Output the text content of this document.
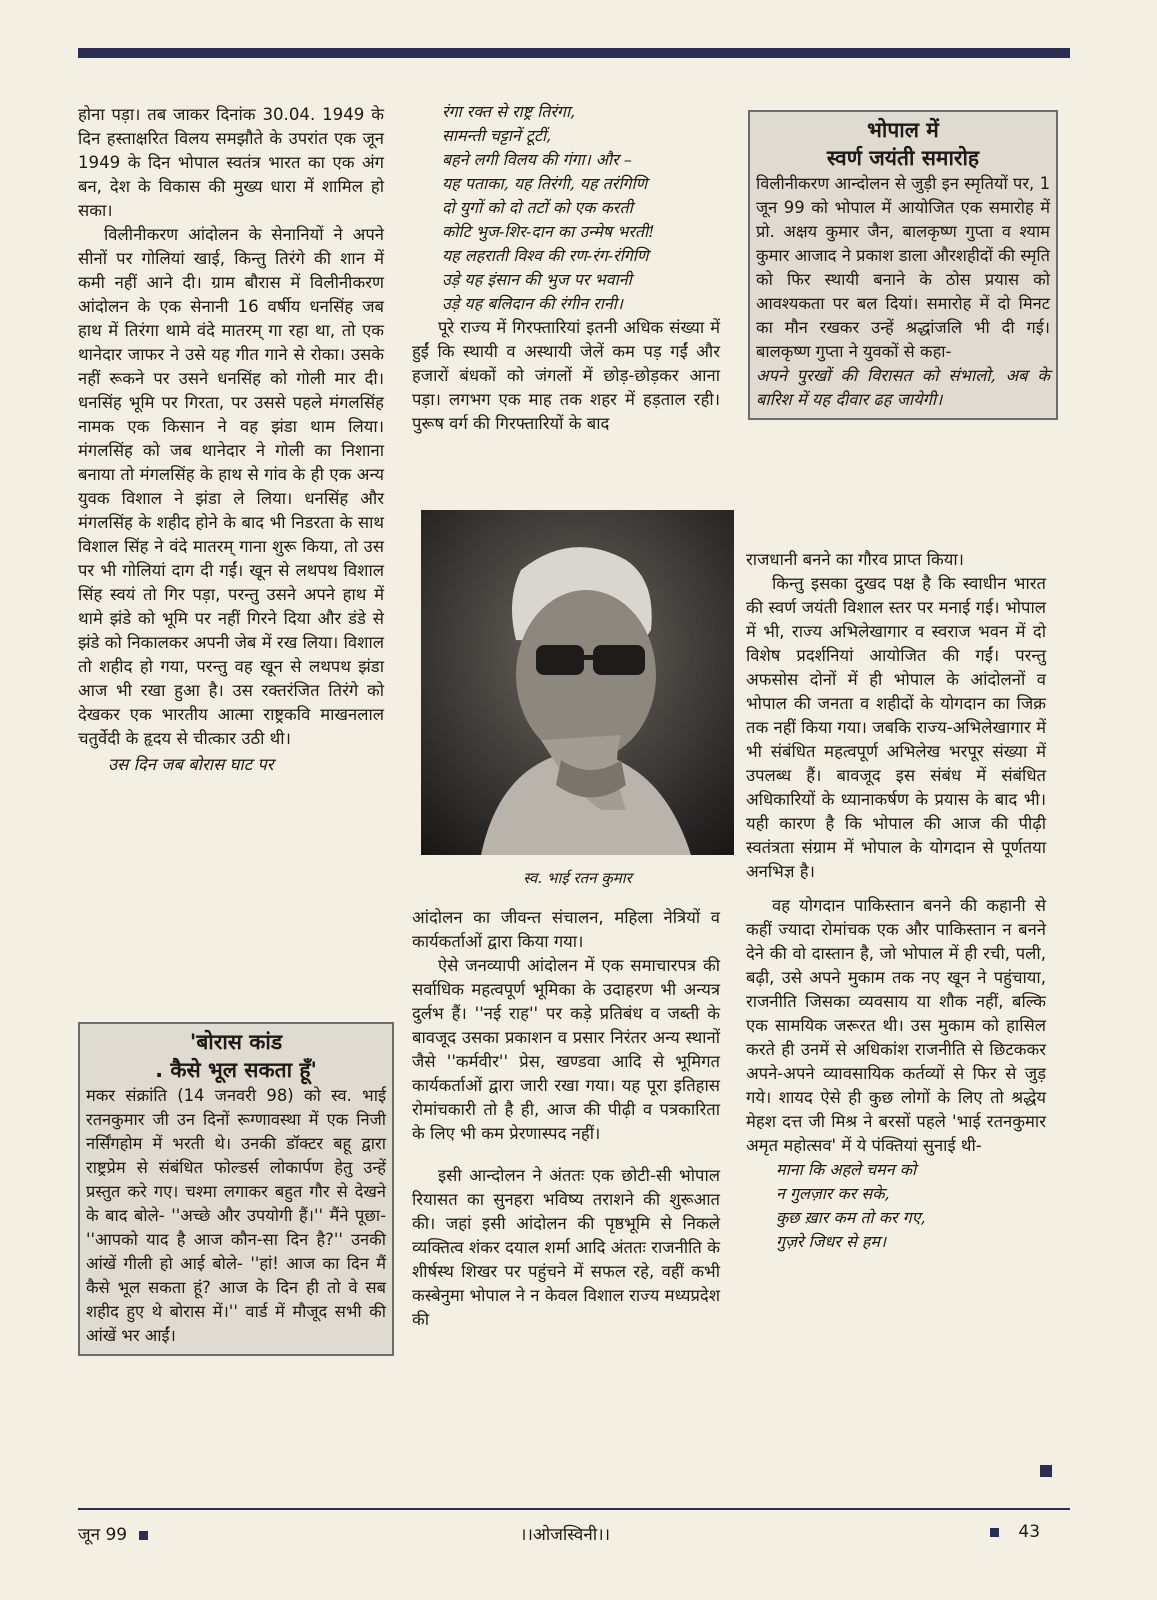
होना पड़ा। तब जाकर दिनांक 30.04. 1949 के दिन हस्ताक्षरित विलय समझौते के उपरांत एक जून 1949 के दिन भोपाल स्वतंत्र भारत का एक अंग बन, देश के विकास की मुख्य धारा में शामिल हो सका।

विलीनीकरण आंदोलन के सेनानियों ने अपने सीनों पर गोलियां खाई, किन्तु तिरंगे की शान में कमी नहीं आने दी। ग्राम बौरास में विलीनीकरण आंदोलन के एक सेनानी 16 वर्षीय धनसिंह जब हाथ में तिरंगा थामे वंदे मातरम् गा रहा था, तो एक थानेदार जाफर ने उसे यह गीत गाने से रोका। उसके नहीं रूकने पर उसने धनसिंह को गोली मार दी। धनसिंह भूमि पर गिरता, पर उससे पहले मंगलसिंह नामक एक किसान ने वह झंडा थाम लिया। मंगलसिंह को जब थानेदार ने गोली का निशाना बनाया तो मंगलसिंह के हाथ से गांव के ही एक अन्य युवक विशाल ने झंडा ले लिया। धनसिंह और मंगलसिंह के शहीद होने के बाद भी निडरता के साथ विशाल सिंह ने वंदे मातरम् गाना शुरू किया, तो उस पर भी गोलियां दाग दी गईं। खून से लथपथ विशाल सिंह स्वयं तो गिर पड़ा, परन्तु उसने अपने हाथ में थामे झंडे को भूमि पर नहीं गिरने दिया और डंडे से झंडे को निकालकर अपनी जेब में रख लिया। विशाल तो शहीद हो गया, परन्तु वह खून से लथपथ झंडा आज भी रखा हुआ है। उस रक्तरंजित तिरंगे को देखकर एक भारतीय आत्मा राष्ट्रकवि माखनलाल चतुर्वेदी के हृदय से चीत्कार उठी थी।

उस दिन जब बोरास घाट पर

'बोरास कांड
. कैसे भूल सकता हूँ'

मकर संक्रांति (14 जनवरी 98) को स्व. भाई रतनकुमार जी उन दिनों रूग्णावस्था में एक निजी नर्सिंगहोम में भरती थे। उनकी डॉक्टर बहू द्वारा राष्ट्रप्रेम से संबंधित फोल्डर्स लोकार्पण हेतु उन्हें प्रस्तुत करे गए। चश्मा लगाकर बहुत गौर से देखने के बाद बोले- ''अच्छे और उपयोगी हैं।'' मैंने पूछा- ''आपको याद है आज कौन-सा दिन है?'' उनकी आंखें गीली हो आई बोले- ''हां! आज का दिन मैं कैसे भूल सकता हूं? आज के दिन ही तो वे सब शहीद हुए थे बोरास में।'' वार्ड में मौजूद सभी की आंखें भर आईं।

रंगा रक्त से राष्ट्र तिरंगा,
सामन्ती चट्टानें टूटीं,
बहने लगी विलय की गंगा। और –
यह पताका, यह तिरंगी, यह तरंगिणि
दो युगों को दो तटों को एक करती
कोटि भुज-शिर-दान का उन्मेष भरती!
यह लहराती विश्व की रण-रंग-रंगिणि
उड़े यह इंसान की भुज पर भवानी
उड़े यह बलिदान की रंगीन रानी।

पूरे राज्य में गिरफ्तारियां इतनी अधिक संख्या में हुईं कि स्थायी व अस्थायी जेलें कम पड़ गईं और हजारों बंधकों को जंगलों में छोड़-छोड़कर आना पड़ा। लगभग एक माह तक शहर में हड़ताल रही। पुरूष वर्ग की गिरफ्तारियों के बाद

स्व. भाई रतन कुमार

आंदोलन का जीवन्त संचालन, महिला नेत्रियों व कार्यकर्ताओं द्वारा किया गया।

ऐसे जनव्यापी आंदोलन में एक समाचारपत्र की सर्वाधिक महत्वपूर्ण भूमिका के उदाहरण भी अन्यत्र दुर्लभ हैं। ''नई राह'' पर कड़े प्रतिबंध व जब्ती के बावजूद उसका प्रकाशन व प्रसार निरंतर अन्य स्थानों जैसे ''कर्मवीर'' प्रेस, खण्डवा आदि से भूमिगत कार्यकर्ताओं द्वारा जारी रखा गया। यह पूरा इतिहास रोमांचकारी तो है ही, आज की पीढ़ी व पत्रकारिता के लिए भी कम प्रेरणास्पद नहीं।

इसी आन्दोलन ने अंततः एक छोटी-सी भोपाल रियासत का सुनहरा भविष्य तराशने की शुरूआत की। जहां इसी आंदोलन की पृष्ठभूमि से निकले व्यक्तित्व शंकर दयाल शर्मा आदि अंततः राजनीति के शीर्षस्थ शिखर पर पहुंचने में सफल रहे, वहीं कभी कस्बेनुमा भोपाल ने न केवल विशाल राज्य मध्यप्रदेश की

भोपाल में
स्वर्ण जयंती समारोह

विलीनीकरण आन्दोलन से जुड़ी इन स्मृतियों पर, 1 जून 99 को भोपाल में आयोजित एक समारोह में प्रो. अक्षय कुमार जैन, बालकृष्ण गुप्ता व श्याम कुमार आजाद ने प्रकाश डाला औरशहीदों की स्मृति को फिर स्थायी बनाने के ठोस प्रयास को आवश्यकता पर बल दियां। समारोह में दो मिनट का मौन रखकर उन्हें श्रद्धांजलि भी दी गई। बालकृष्ण गुप्ता ने युवकों से कहा-

अपने पुरखों की विरासत को संभालो, अब के बारिश में यह दीवार ढह जायेगी।

राजधानी बनने का गौरव प्राप्त किया।

किन्तु इसका दुखद पक्ष है कि स्वाधीन भारत की स्वर्ण जयंती विशाल स्तर पर मनाई गई। भोपाल में भी, राज्य अभिलेखागार व स्वराज भवन में दो विशेष प्रदर्शनियां आयोजित की गईं। परन्तु अफसोस दोनों में ही भोपाल के आंदोलनों व भोपाल की जनता व शहीदों के योगदान का जिक्र तक नहीं किया गया। जबकि राज्य-अभिलेखागार में भी संबंधित महत्वपूर्ण अभिलेख भरपूर संख्या में उपलब्ध हैं। बावजूद इस संबंध में संबंधित अधिकारियों के ध्यानाकर्षण के प्रयास के बाद भी। यही कारण है कि भोपाल की आज की पीढ़ी स्वतंत्रता संग्राम में भोपाल के योगदान से पूर्णतया अनभिज्ञ है।

वह योगदान पाकिस्तान बनने की कहानी से कहीं ज्यादा रोमांचक एक और पाकिस्तान न बनने देने की वो दास्तान है, जो भोपाल में ही रची, पली, बढ़ी, उसे अपने मुकाम तक नए खून ने पहुंचाया, राजनीति जिसका व्यवसाय या शौक नहीं, बल्कि एक सामयिक जरूरत थी। उस मुकाम को हासिल करते ही उनमें से अधिकांश राजनीति से छिटककर अपने-अपने व्यावसायिक कर्तव्यों से फिर से जुड़ गये। शायद ऐसे ही कुछ लोगों के लिए तो श्रद्धेय मेहश दत्त जी मिश्र ने बरसों पहले 'भाई रतनकुमार अमृत महोत्सव' में ये पंक्तियां सुनाई थी-

माना कि अहले चमन को
न गुलज़ार कर सके,
कुछ ख़ार कम तो कर गए,
गुज़रे जिधर से हम।
जून 99	।।ओजस्विनी।।	43
